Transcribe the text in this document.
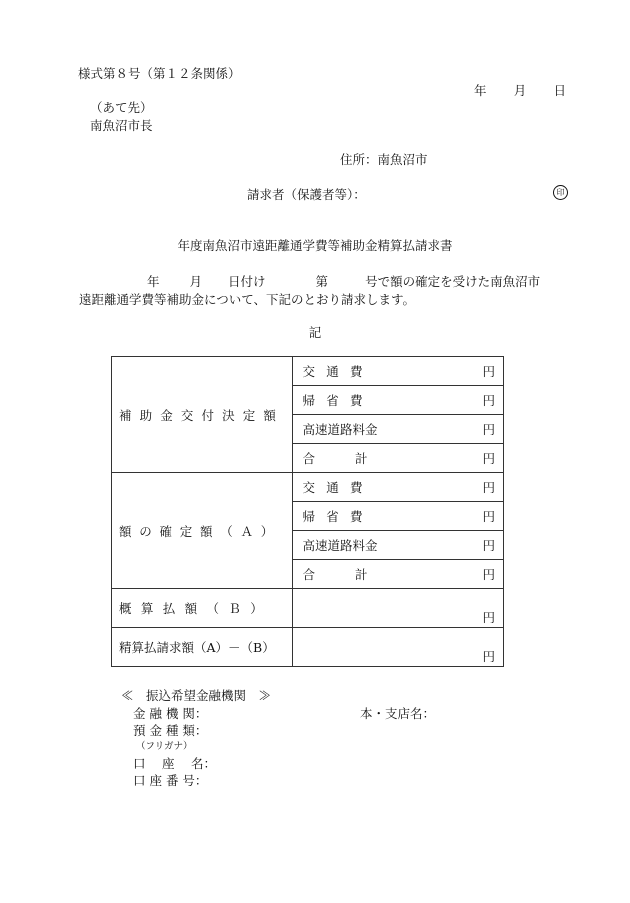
様式第８号（第１２条関係）
年 月 日
（あて先）
南魚沼市長
住所：南魚沼市
請求者（保護者等）：	印
年度南魚沼市遠距離通学費等補助金精算払請求書
年 月 日付け	第	号で額の確定を受けた南魚沼市
遠距離通学費等補助金について、下記のとおり請求します。
記
補助金交付決定額	交通費 円

	帰省費 円

	高速道路料金 円

	合計 円

額の確定額（Ａ）	交通費 円

	帰省費 円

	高速道路料金 円

	合計 円

概算払額（Ｂ）	円

精算払請求額（A）－（B）	円
≪　振込希望金融機関　≫
金 融 機 関：	本・支店名：
預 金 種 類：
（フリガナ）
口　 座　 名：
口 座 番 号：
